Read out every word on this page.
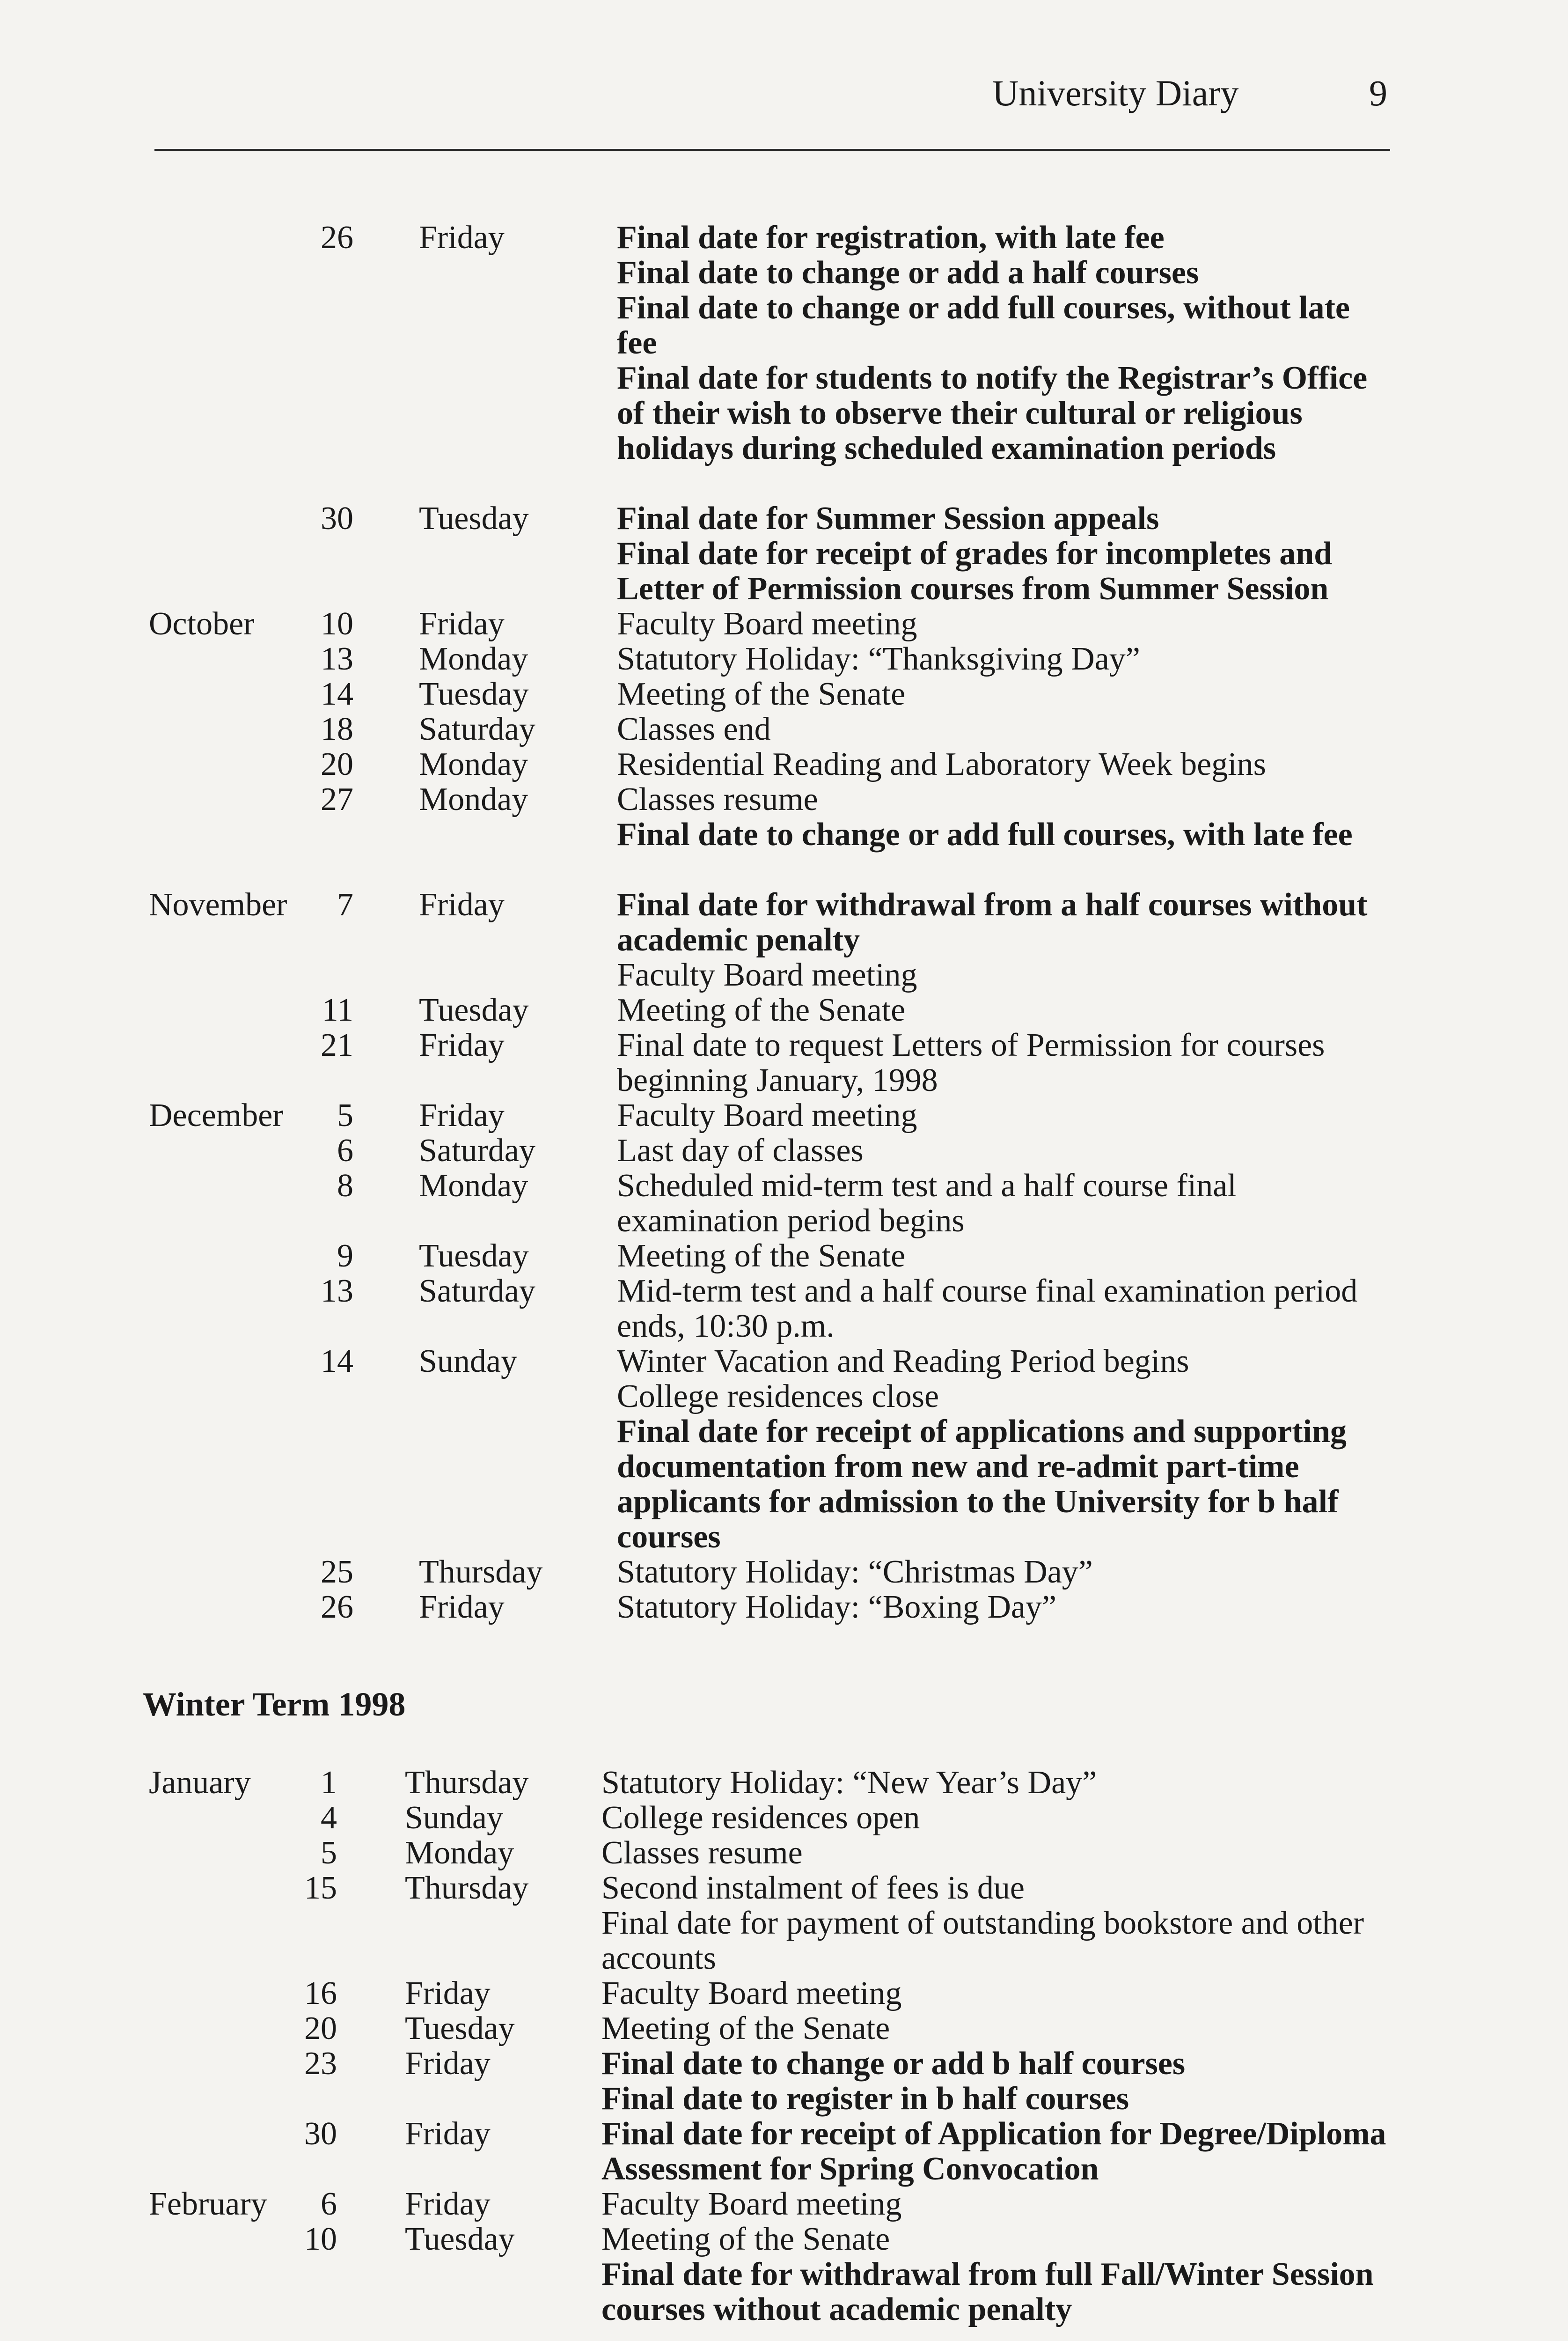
University Diary	9
Winter Term 1998
26 Friday	Final date for registration, with late fee
Final date to change or add a half courses
Final date to change or add full courses, without late fee
Final date for students to notify the Registrar’s Office of their wish to observe their cultural or religious holidays during scheduled examination periods
30 Tuesday	Final date for Summer Session appeals
Final date for receipt of grades for incompletes and Letter of Permission courses from Summer Session
October	10 Friday	Faculty Board meeting
13 Monday	Statutory Holiday: “Thanksgiving Day”
14 Tuesday	Meeting of the Senate
18 Saturday Classes end
20 Monday	Residential Reading and Laboratory Week begins
27 Monday	Classes resume
Final date to change or add full courses, with late fee
November	7 Friday	Final date for withdrawal from a half courses without academic penalty
Faculty Board meeting
11 Tuesday	Meeting of the Senate
21 Friday	Final date to request Letters of Permission for courses beginning January, 1998
December	5 Friday	Faculty Board meeting
6 Saturday Last day of classes
8 Monday	Scheduled mid-term test and a half course final examination period begins
9 Tuesday	Meeting of the Senate
13 Saturday Mid-term test and a half course final examination period ends, 10:30 p.m.
14 Sunday	Winter Vacation and Reading Period begins
College residences close
Final date for receipt of applications and supporting documentation from new and re-admit part-time applicants for admission to the University for b half courses
25 Thursday Statutory Holiday: “Christmas Day”
26 Friday	Statutory Holiday: “Boxing Day”
January	1 Thursday Statutory Holiday: “New Year’s Day”
4 Sunday	College residences open
5 Monday	Classes resume
15 Thursday Second instalment of fees is due
Final date for payment of outstanding bookstore and other accounts
16 Friday	Faculty Board meeting
20 Tuesday	Meeting of the Senate
23 Friday	Final date to change or add b half courses
Final date to register in b half courses
30 Friday	Final date for receipt of Application for Degree/Diploma Assessment for Spring Convocation
February	6 Friday	Faculty Board meeting
10 Tuesday	Meeting of the Senate
Final date for withdrawal from full Fall/Winter Session courses without academic penalty
